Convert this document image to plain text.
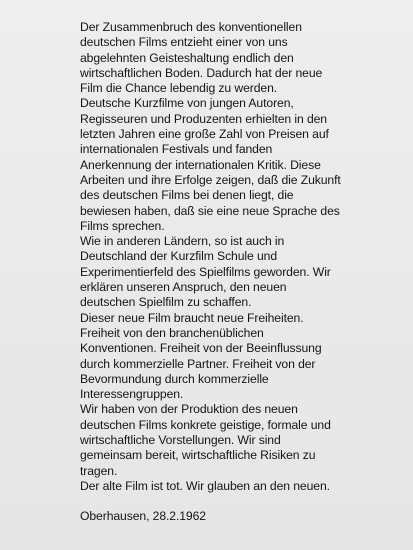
Der Zusammenbruch des konventionellen
deutschen Films entzieht einer von uns
abgelehnten Geisteshaltung endlich den
wirtschaftlichen Boden. Dadurch hat der neue
Film die Chance lebendig zu werden.

Deutsche Kurzfilme von jungen Autoren,
Regisseuren und Produzenten erhielten in den
letzten Jahren eine große Zahl von Preisen auf
internationalen Festivals und fanden
Anerkennung der internationalen Kritik. Diese
Arbeiten und ihre Erfolge zeigen, daß die Zukunft
des deutschen Films bei denen liegt, die
bewiesen haben, daß sie eine neue Sprache des
Films sprechen.

Wie in anderen Ländern, so ist auch in
Deutschland der Kurzfilm Schule und
Experimentierfeld des Spielfilms geworden. Wir
erklären unseren Anspruch, den neuen
deutschen Spielfilm zu schaffen.

Dieser neue Film braucht neue Freiheiten.
Freiheit von den branchenüblichen
Konventionen. Freiheit von der Beeinflussung
durch kommerzielle Partner. Freiheit von der
Bevormundung durch kommerzielle
Interessengruppen.

Wir haben von der Produktion des neuen
deutschen Films konkrete geistige, formale und
wirtschaftliche Vorstellungen. Wir sind
gemeinsam bereit, wirtschaftliche Risiken zu
tragen.

Der alte Film ist tot. Wir glauben an den neuen.

Oberhausen, 28.2.1962
